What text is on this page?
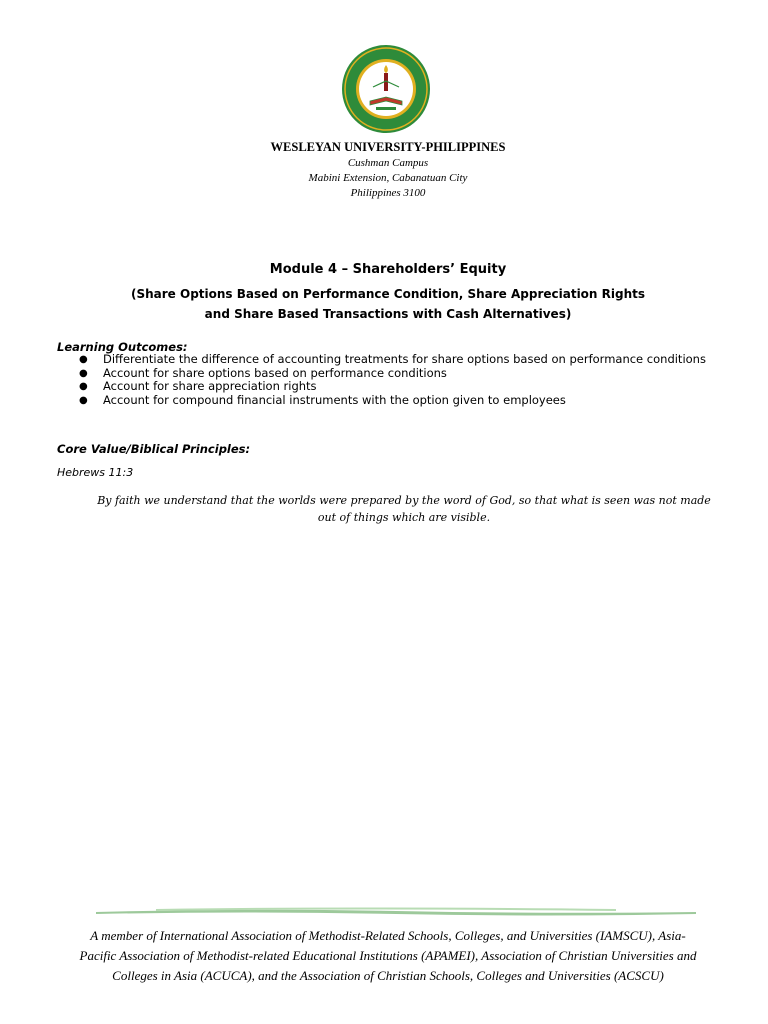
WESLEYAN UNIVERSITY-PHILIPPINES
Cushman Campus
Mabini Extension, Cabanatuan City
Philippines 3100
Module 4 – Shareholders’ Equity
(Share Options Based on Performance Condition, Share Appreciation Rights
and Share Based Transactions with Cash Alternatives)
Learning Outcomes:
● Differentiate the difference of accounting treatments for share options based on performance conditions
● Account for share options based on performance conditions
● Account for share appreciation rights
● Account for compound financial instruments with the option given to employees
Core Value/Biblical Principles:
Hebrews 11:3
By faith we understand that the worlds were prepared by the word of God, so that what is seen was not made
out of things which are visible.
A member of International Association of Methodist-Related Schools, Colleges, and Universities (IAMSCU), Asia-
Pacific Association of Methodist-related Educational Institutions (APAMEI), Association of Christian Universities and
Colleges in Asia (ACUCA), and the Association of Christian Schools, Colleges and Universities (ACSCU)
